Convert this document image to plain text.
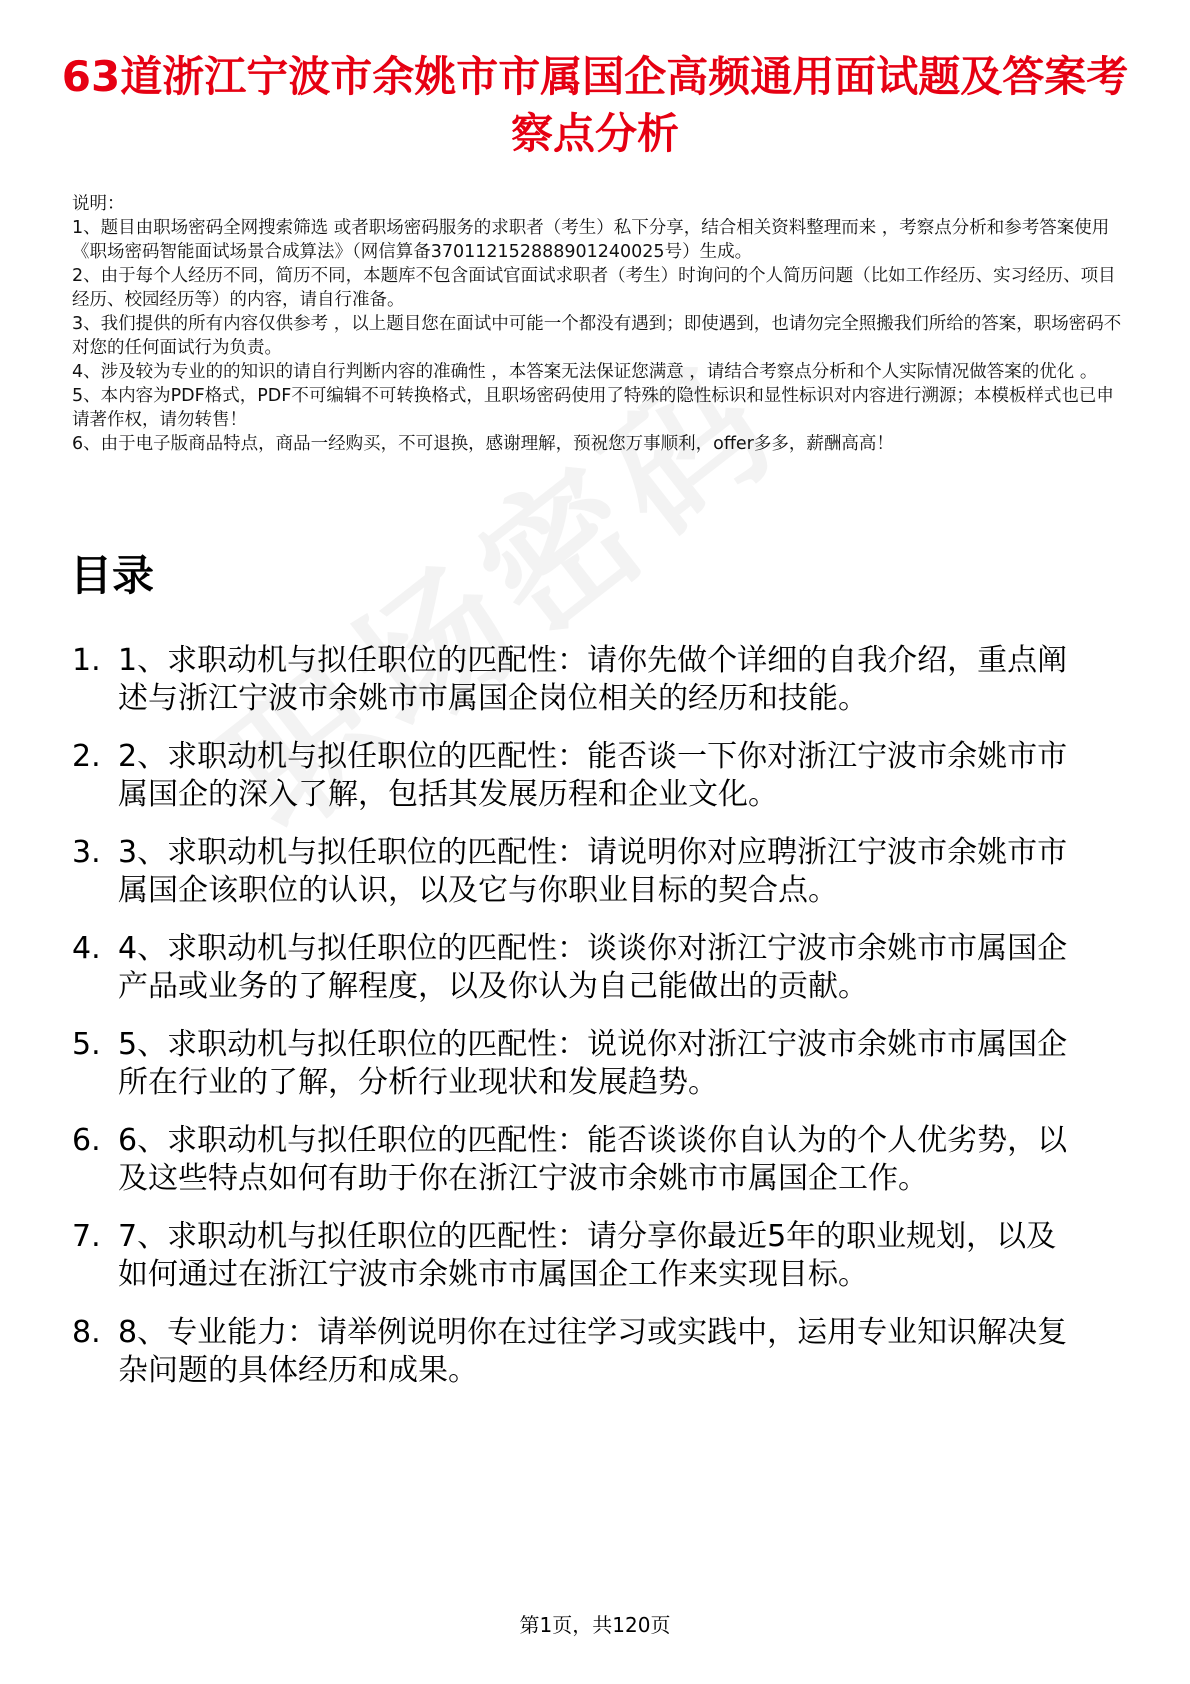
63道浙江宁波市余姚市市属国企高频通用面试题及答案考察点分析

说明：

1、题目由职场密码全网搜索筛选 或者职场密码服务的求职者（考生）私下分享，结合相关资料整理而来 ，考察点分析和参考答案使用《职场密码智能面试场景合成算法》（网信算备370112152888901240025号）生成。

2、由于每个人经历不同，简历不同，本题库不包含面试官面试求职者（考生）时询问的个人简历问题（比如工作经历、实习经历、项目经历、校园经历等）的内容，请自行准备。

3、我们提供的所有内容仅供参考 ，以上题目您在面试中可能一个都没有遇到；即使遇到，也请勿完全照搬我们所给的答案，职场密码不对您的任何面试行为负责。

4、涉及较为专业的的知识的请自行判断内容的准确性 ，本答案无法保证您满意 ，请结合考察点分析和个人实际情况做答案的优化 。

5、本内容为PDF格式，PDF不可编辑不可转换格式，且职场密码使用了特殊的隐性标识和显性标识对内容进行溯源；本模板样式也已申请著作权，请勿转售！

6、由于电子版商品特点，商品一经购买，不可退换，感谢理解，预祝您万事顺利，offer多多，薪酬高高！

目录
1. 1、求职动机与拟任职位的匹配性：请你先做个详细的自我介绍，重点阐述与浙江宁波市余姚市市属国企岗位相关的经历和技能。
2. 2、求职动机与拟任职位的匹配性：能否谈一下你对浙江宁波市余姚市市属国企的深入了解，包括其发展历程和企业文化。
3. 3、求职动机与拟任职位的匹配性：请说明你对应聘浙江宁波市余姚市市属国企该职位的认识，以及它与你职业目标的契合点。
4. 4、求职动机与拟任职位的匹配性：谈谈你对浙江宁波市余姚市市属国企产品或业务的了解程度，以及你认为自己能做出的贡献。
5. 5、求职动机与拟任职位的匹配性：说说你对浙江宁波市余姚市市属国企所在行业的了解，分析行业现状和发展趋势。
6. 6、求职动机与拟任职位的匹配性：能否谈谈你自认为的个人优劣势，以及这些特点如何有助于你在浙江宁波市余姚市市属国企工作。
7. 7、求职动机与拟任职位的匹配性：请分享你最近5年的职业规划，以及如何通过在浙江宁波市余姚市市属国企工作来实现目标。
8. 8、专业能力：请举例说明你在过往学习或实践中，运用专业知识解决复杂问题的具体经历和成果。
第1页，共120页
